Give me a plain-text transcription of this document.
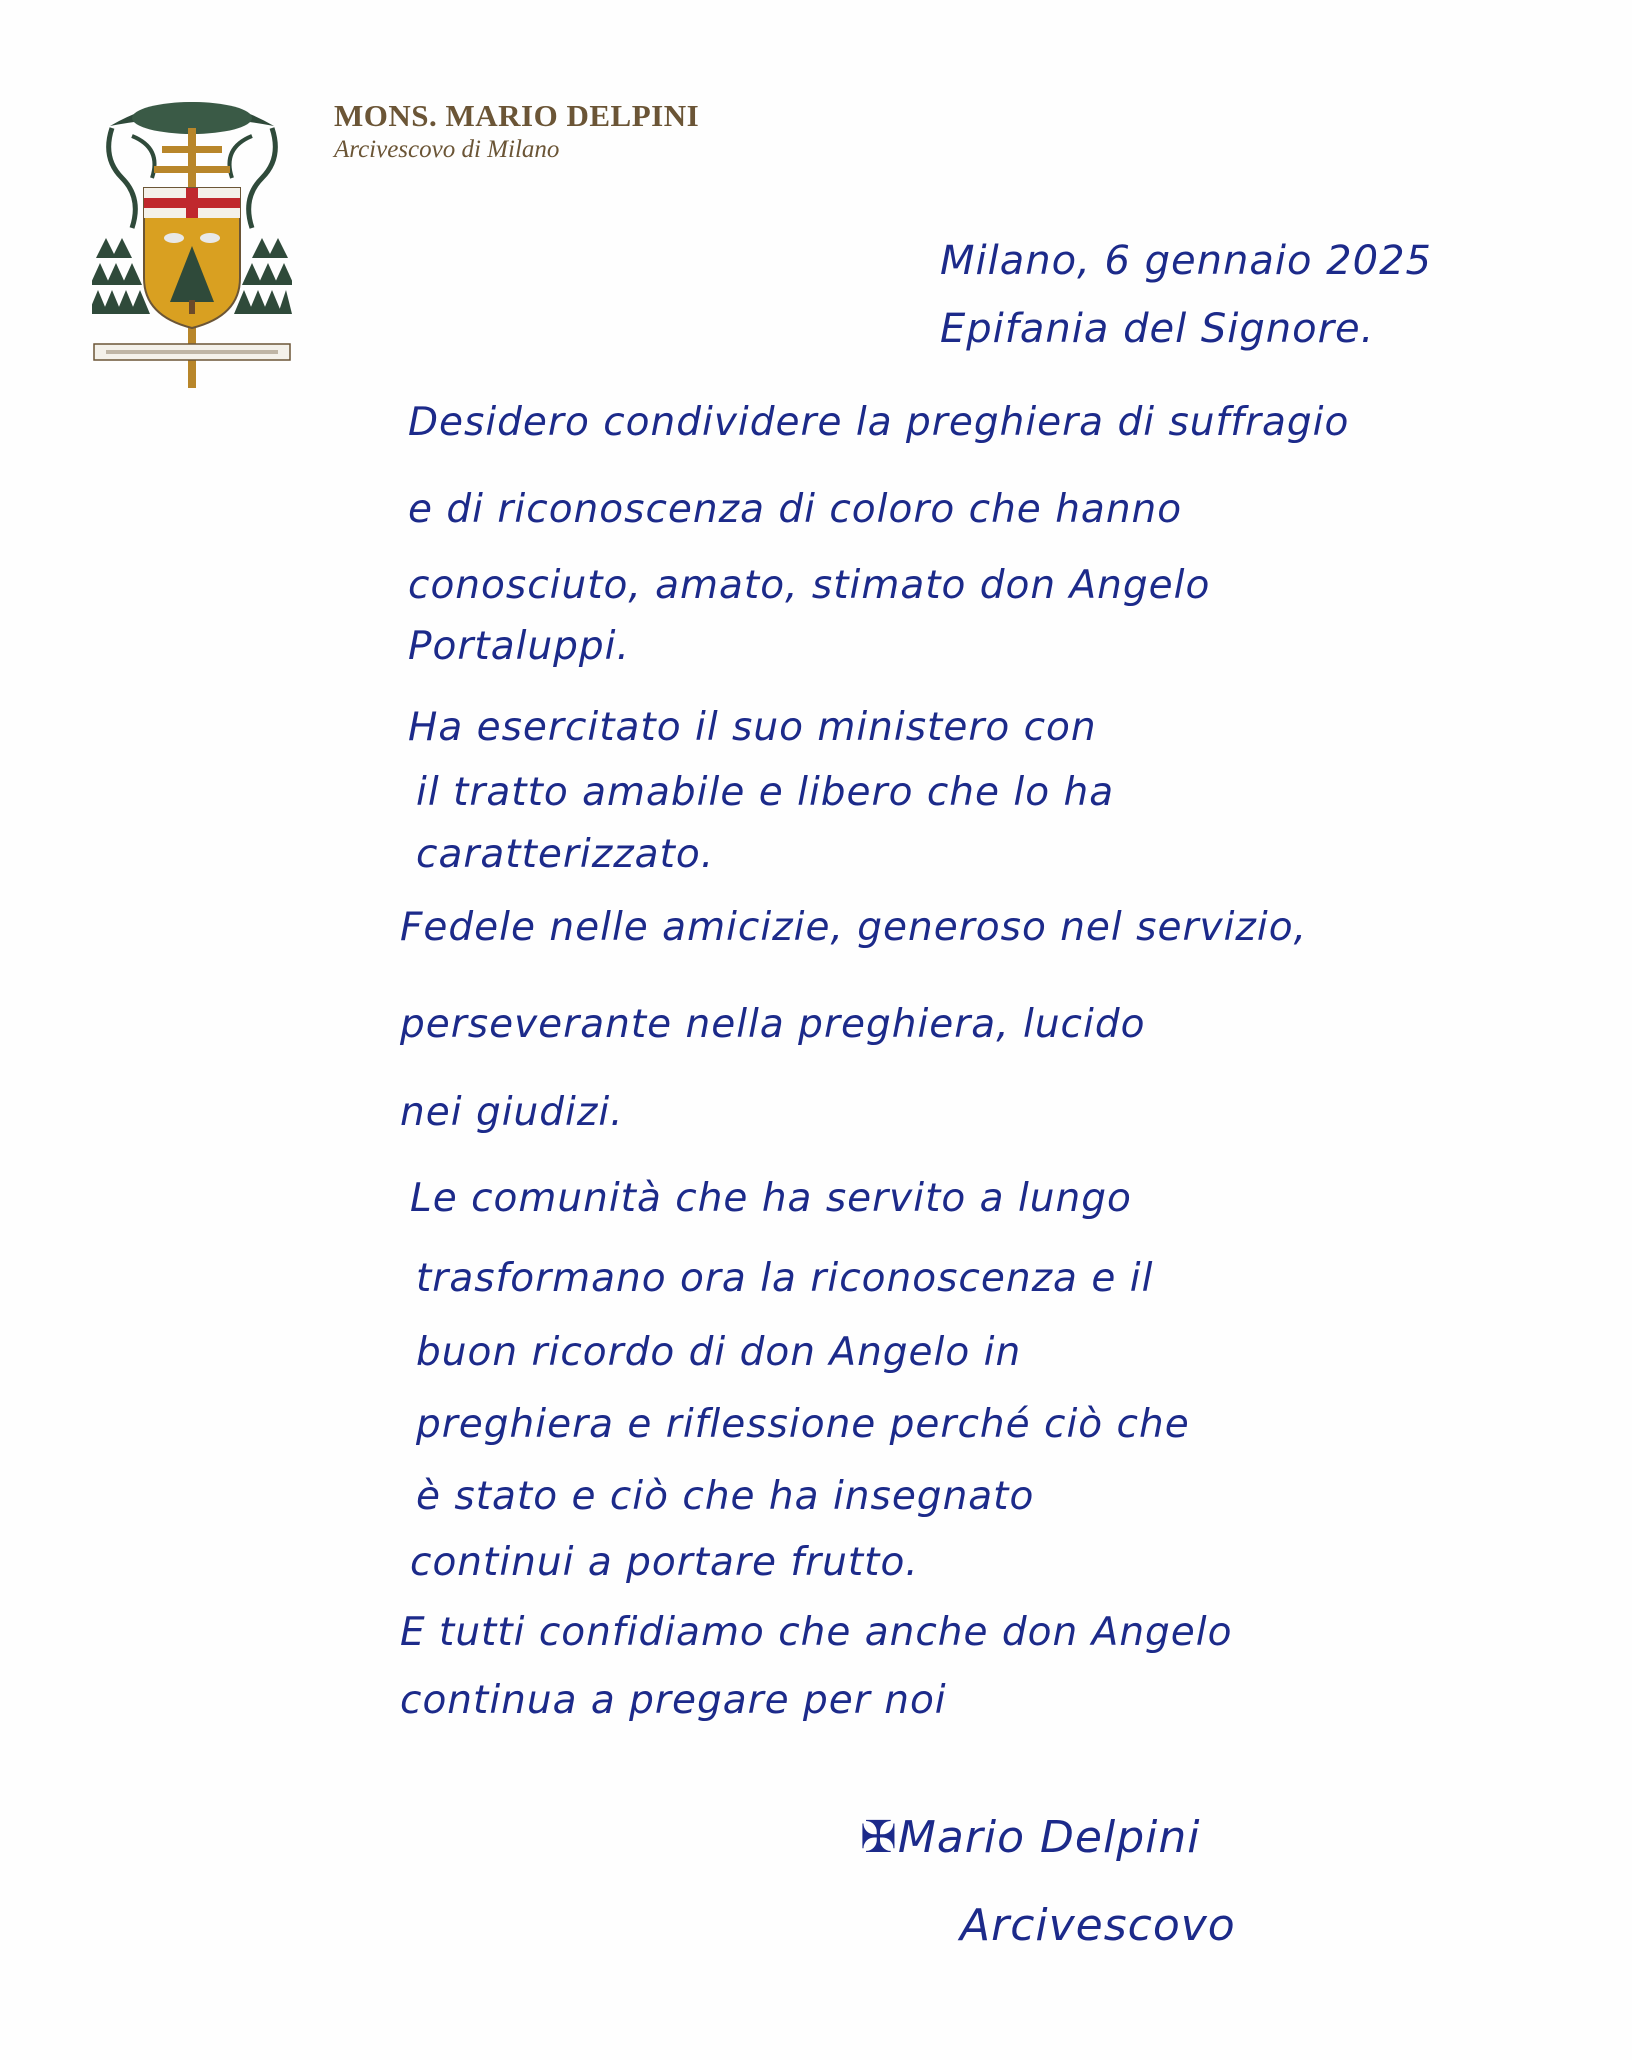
MONS. MARIO DELPINI
Arcivescovo di Milano
Milano, 6 gennaio 2025
Epifania del Signore.
Desidero condividere la preghiera di suffragio
e di riconoscenza di coloro che hanno
conosciuto, amato, stimato don Angelo
Portaluppi.
Ha esercitato il suo ministero con
il tratto amabile e libero che lo ha
caratterizzato.
Fedele nelle amicizie, generoso nel servizio,
perseverante nella preghiera, lucido
nei giudizi.
Le comunità che ha servito a lungo
trasformano ora la riconoscenza e il
buon ricordo di don Angelo in
preghiera e riflessione perché ciò che
è stato e ciò che ha insegnato
continui a portare frutto.
E tutti confidiamo che anche don Angelo
continua a pregare per noi
✠Mario Delpini
Arcivescovo
